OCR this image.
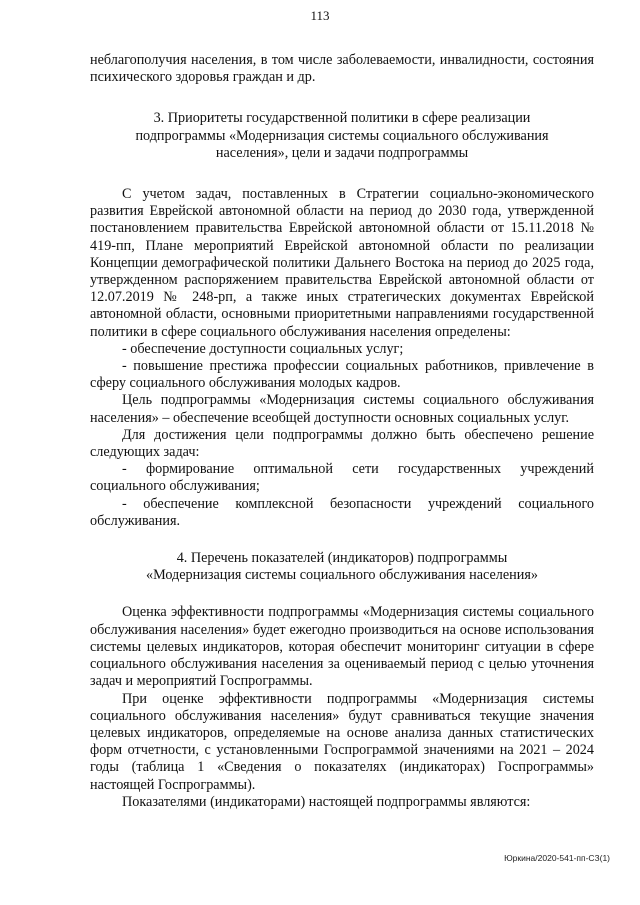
113

неблагополучия населения, в том числе заболеваемости, инвалидности, состояния психического здоровья граждан и др.

3. Приоритеты государственной политики в сфере реализации

подпрограммы «Модернизация системы социального обслуживания

населения», цели и задачи подпрограммы

С учетом задач, поставленных в Стратегии социально-экономического развития Еврейской автономной области на период до 2030 года, утвержденной постановлением правительства Еврейской автономной области от 15.11.2018 № 419-пп, Плане мероприятий Еврейской автономной области по реализации Концепции демографической политики Дальнего Востока на период до 2025 года, утвержденном распоряжением правительства Еврейской автономной области от 12.07.2019 № 248-рп, а также иных стратегических документах Еврейской автономной области, основными приоритетными направлениями государственной политики в сфере социального обслуживания населения определены:

- обеспечение доступности социальных услуг;

- повышение престижа профессии социальных работников, привлечение в сферу социального обслуживания молодых кадров.

Цель подпрограммы «Модернизация системы социального обслуживания населения» – обеспечение всеобщей доступности основных социальных услуг.

Для достижения цели подпрограммы должно быть обеспечено решение следующих задач:

- формирование оптимальной сети государственных учреждений социального обслуживания;

- обеспечение комплексной безопасности учреждений социального обслуживания.

4. Перечень показателей (индикаторов) подпрограммы

«Модернизация системы социального обслуживания населения»

Оценка эффективности подпрограммы «Модернизация системы социального обслуживания населения» будет ежегодно производиться на основе использования системы целевых индикаторов, которая обеспечит мониторинг ситуации в сфере социального обслуживания населения за оцениваемый период с целью уточнения задач и мероприятий Госпрограммы.

При оценке эффективности подпрограммы «Модернизация системы социального обслуживания населения» будут сравниваться текущие значения целевых индикаторов, определяемые на основе анализа данных статистических форм отчетности, с установленными Госпрограммой значениями на 2021 – 2024 годы (таблица 1 «Сведения о показателях (индикаторах) Госпрограммы» настоящей Госпрограммы).

Показателями (индикаторами) настоящей подпрограммы являются:

Юркина/2020-541-пп-СЗ(1)
